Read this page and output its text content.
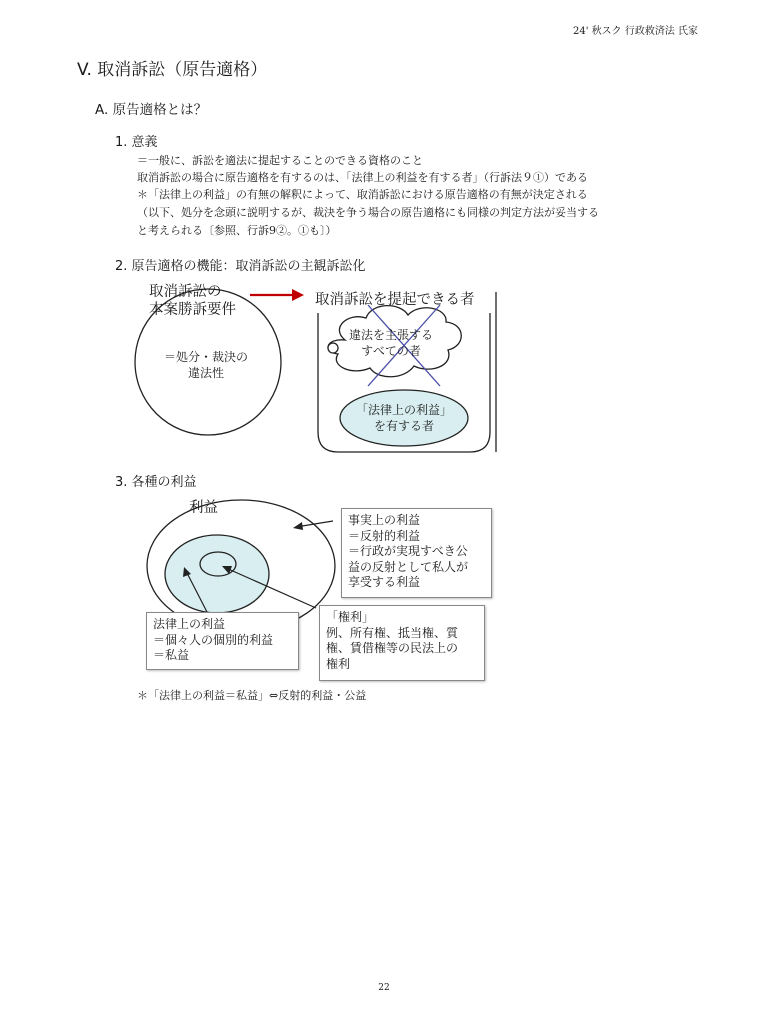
24' 秋スク 行政救済法 氏家
V. 取消訴訟（原告適格）
A. 原告適格とは？
1. 意義
＝一般に、訴訟を適法に提起することのできる資格のこと
取消訴訟の場合に原告適格を有するのは、「法律上の利益を有する者」（行訴法９①）である
＊「法律上の利益」の有無の解釈によって、取消訴訟における原告適格の有無が決定される
（以下、処分を念頭に説明するが、裁決を争う場合の原告適格にも同様の判定方法が妥当する
と考えられる〔参照、行訴9②。①も〕）
2. 原告適格の機能：取消訴訟の主観訴訟化
取消訴訟の
本案勝訴要件
＝処分・裁決の
違法性
取消訴訟を提起できる者
違法を主張する
すべての者
「法律上の利益」
を有する者
3. 各種の利益
利益
事実上の利益
＝反射的利益
＝行政が実現すべき公
益の反射として私人が
享受する利益
法律上の利益
＝個々人の個別的利益
＝私益
「権利」
例、所有権、抵当権、質
権、賃借権等の民法上の
権利
＊「法律上の利益＝私益」⇔反射的利益・公益
22
